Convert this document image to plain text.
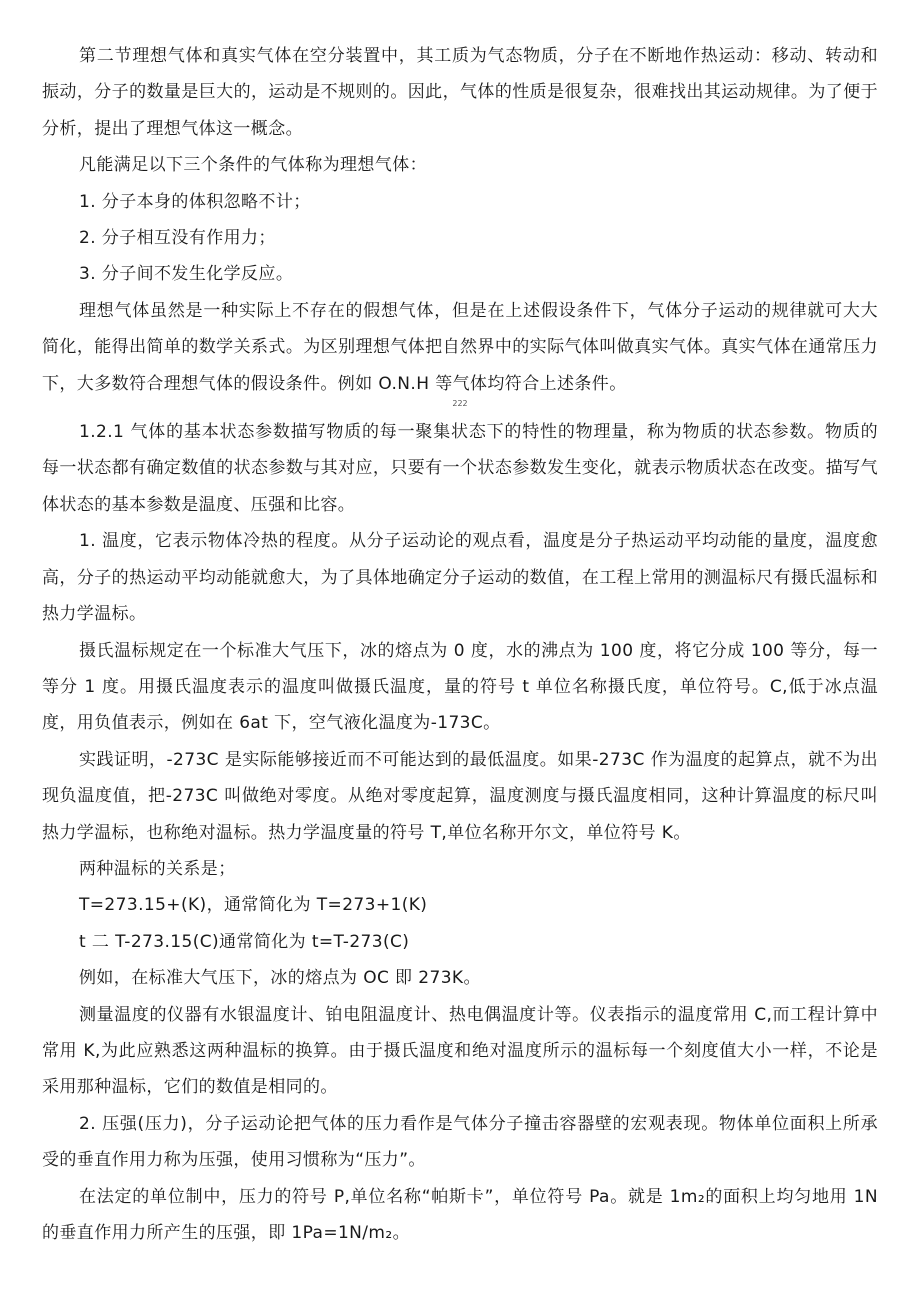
第二节理想气体和真实气体在空分装置中，其工质为气态物质，分子在不断地作热运动：移动、转动和振动，分子的数量是巨大的，运动是不规则的。因此，气体的性质是很复杂，很难找出其运动规律。为了便于分析，提出了理想气体这一概念。

凡能满足以下三个条件的气体称为理想气体：

1. 分子本身的体积忽略不计；

2. 分子相互没有作用力；

3. 分子间不发生化学反应。

理想气体虽然是一种实际上不存在的假想气体，但是在上述假设条件下，气体分子运动的规律就可大大简化，能得出简单的数学关系式。为区别理想气体把自然界中的实际气体叫做真实气体。真实气体在通常压力下，大多数符合理想气体的假设条件。例如 O.N.H 等气体均符合上述条件。

222

1.2.1 气体的基本状态参数描写物质的每一聚集状态下的特性的物理量，称为物质的状态参数。物质的每一状态都有确定数值的状态参数与其对应，只要有一个状态参数发生变化，就表示物质状态在改变。描写气体状态的基本参数是温度、压强和比容。

1. 温度，它表示物体冷热的程度。从分子运动论的观点看，温度是分子热运动平均动能的量度，温度愈高，分子的热运动平均动能就愈大，为了具体地确定分子运动的数值，在工程上常用的测温标尺有摄氏温标和热力学温标。

摄氏温标规定在一个标准大气压下，冰的熔点为 0 度，水的沸点为 100 度，将它分成 100 等分，每一等分 1 度。用摄氏温度表示的温度叫做摄氏温度，量的符号 t 单位名称摄氏度，单位符号。C,低于冰点温度，用负值表示，例如在 6at 下，空气液化温度为-173C。

实践证明，-273C 是实际能够接近而不可能达到的最低温度。如果-273C 作为温度的起算点，就不为出现负温度值，把-273C 叫做绝对零度。从绝对零度起算，温度测度与摄氏温度相同，这种计算温度的标尺叫热力学温标，也称绝对温标。热力学温度量的符号 T,单位名称开尔文，单位符号 K。

两种温标的关系是；

T=273.15+(K)，通常简化为 T=273+1(K)

t 二 T-273.15(C)通常简化为 t=T-273(C)

例如，在标准大气压下，冰的熔点为 OC 即 273K。

测量温度的仪器有水银温度计、铂电阻温度计、热电偶温度计等。仪表指示的温度常用 C,而工程计算中常用 K,为此应熟悉这两种温标的换算。由于摄氏温度和绝对温度所示的温标每一个刻度值大小一样，不论是采用那种温标，它们的数值是相同的。

2. 压强(压力)，分子运动论把气体的压力看作是气体分子撞击容器壁的宏观表现。物体单位面积上所承受的垂直作用力称为压强，使用习惯称为“压力”。

在法定的单位制中，压力的符号 P,单位名称“帕斯卡”，单位符号 Pa。就是 1m₂的面积上均匀地用 1N 的垂直作用力所产生的压强，即 1Pa=1N/m₂。
